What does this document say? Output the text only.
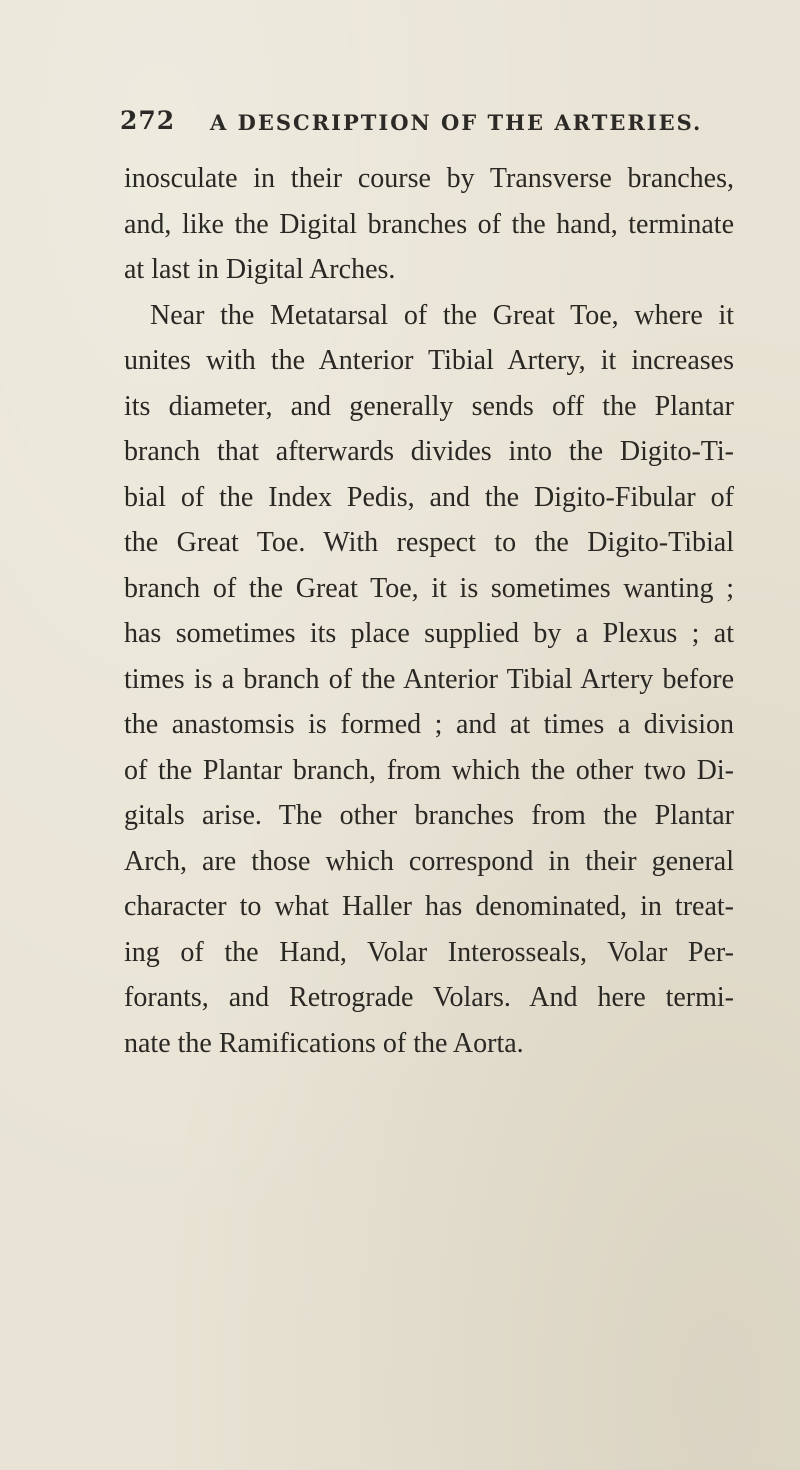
272 A DESCRIPTION OF THE ARTERIES.
inosculate in their course by Transverse branches,
and, like the Digital branches of the hand, terminate
at last in Digital Arches.
Near the Metatarsal of the Great Toe, where it
unites with the Anterior Tibial Artery, it increases
its diameter, and generally sends off the Plantar
branch that afterwards divides into the Digito-Ti-
bial of the Index Pedis, and the Digito-Fibular of
the Great Toe. With respect to the Digito-Tibial
branch of the Great Toe, it is sometimes wanting ;
has sometimes its place supplied by a Plexus ; at
times is a branch of the Anterior Tibial Artery before
the anastomsis is formed ; and at times a division
of the Plantar branch, from which the other two Di-
gitals arise. The other branches from the Plantar
Arch, are those which correspond in their general
character to what Haller has denominated, in treat-
ing of the Hand, Volar Interosseals, Volar Per-
forants, and Retrograde Volars. And here termi-
nate the Ramifications of the Aorta.
